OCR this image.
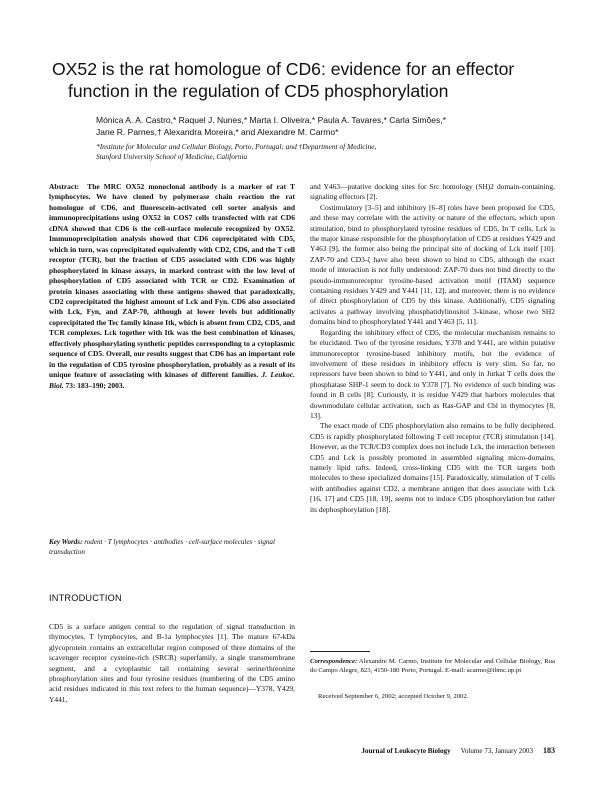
OX52 is the rat homologue of CD6: evidence for an effector
function in the regulation of CD5 phosphorylation
Mónica A. A. Castro,* Raquel J. Nunes,* Marta I. Oliveira,* Paula A. Tavares,* Carla Simões,*
Jane R. Parnes,† Alexandra Moreira,* and Alexandre M. Carmo*
*Institute for Molecular and Cellular Biology, Porto, Portugal; and †Department of Medicine,
Stanford University School of Medicine, California
Abstract: The MRC OX52 monoclonal antibody is a marker of rat T lymphocytes. We have cloned by polymerase chain reaction the rat homologue of CD6, and fluorescein-activated cell sorter analysis and immunoprecipitations using OX52 in COS7 cells transfected with rat CD6 cDNA showed that CD6 is the cell-surface molecule recognized by OX52. Immunoprecipitation analysis showed that CD6 coprecipitated with CD5, which in turn, was coprecipitated equivalently with CD2, CD6, and the T cell receptor (TCR), but the fraction of CD5 associated with CD6 was highly phosphorylated in kinase assays, in marked contrast with the low level of phosphorylation of CD5 associated with TCR or CD2. Examination of protein kinases associating with these antigens showed that paradoxically, CD2 coprecipitated the highest amount of Lck and Fyn. CD6 also associated with Lck, Fyn, and ZAP-70, although at lower levels but additionally coprecipitated the Tec family kinase Itk, which is absent from CD2, CD5, and TCR complexes. Lck together with Itk was the best combination of kinases, effectively phosphorylating synthetic peptides corresponding to a cytoplasmic sequence of CD5. Overall, our results suggest that CD6 has an important role in the regulation of CD5 tyrosine phosphorylation, probably as a result of its unique feature of associating with kinases of different families. J. Leukoc. Biol. 73: 183–190; 2003.
Key Words: rodent · T lymphocytes · antibodies · cell-surface molecules · signal transduction
INTRODUCTION

CD5 is a surface antigen central to the regulation of signal transduction in thymocytes, T lymphocytes, and B-1a lymphocytes [1]. The mature 67-kDa glycoprotein contains an extracellular region composed of three domains of the scavenger receptor cysteine-rich (SRCR) superfamily, a single transmembrane segment, and a cytoplasmic tail containing several serine/threonine phosphorylation sites and four tyrosine residues (numbering of the CD5 amino acid residues indicated in this text refers to the human sequence)—Y378, Y429, Y441,

and Y463—putative docking sites for Src homology (SH)2 domain-containing, signaling effectors [2].

Costimulatory [3–5] and inhibitory [6–8] roles have been proposed for CD5, and these may correlate with the activity or nature of the effectors, which upon stimulation, bind to phosphorylated tyrosine residues of CD5. In T cells, Lck is the major kinase responsible for the phosphorylation of CD5 at residues Y429 and Y463 [9], the former also being the principal site of docking of Lck itself [10]. ZAP-70 and CD3-ζ have also been shown to bind to CD5, although the exact mode of interaction is not fully understood: ZAP-70 does not bind directly to the pseudo-immunoreceptor tyrosine-based activation motif (ITAM) sequence containing residues Y429 and Y441 [11, 12], and moreover, there is no evidence of direct phosphorylation of CD5 by this kinase. Additionally, CD5 signaling activates a pathway involving phosphatidylinositol 3-kinase, whose two SH2 domains bind to phosphorylated Y441 and Y463 [5, 11].

Regarding the inhibitory effect of CD5, the molecular mechanism remains to be elucidated. Two of the tyrosine residues, Y378 and Y441, are within putative immunoreceptor tyrosine-based inhibitory motifs, but the evidence of involvement of these residues in inhibitory effects is very slim. So far, no repressors have been shown to bind to Y441, and only in Jurkat T cells does the phosphatase SHP-1 seem to dock to Y378 [7]. No evidence of such binding was found in B cells [8]. Curiously, it is residue Y429 that harbors molecules that downmodulate cellular activation, such as Ras-GAP and Cbl in thymocytes [8, 13].

The exact mode of CD5 phosphorylation also remains to be fully deciphered. CD5 is rapidly phosphorylated following T cell receptor (TCR) stimulation [14]. However, as the TCR/CD3 complex does not include Lck, the interaction between CD5 and Lck is possibly promoted in assembled signaling micro-domains, namely lipid rafts. Indeed, cross-linking CD5 with the TCR targets both molecules to these specialized domains [15]. Paradoxically, stimulation of T cells with antibodies against CD2, a membrane antigen that does associate with Lck [16, 17] and CD5 [18, 19], seems not to induce CD5 phosphorylation but rather its dephosphorylation [18].

Correspondence: Alexandre M. Carmo, Institute for Molecular and Cellular Biology, Rua do Campo Alegre, 823, 4150-180 Porto, Portugal. E-mail: acarmo@ibmc.up.pt
Received September 6, 2002; accepted October 9, 2002.
Journal of Leukocyte Biology Volume 73, January 2003 183
